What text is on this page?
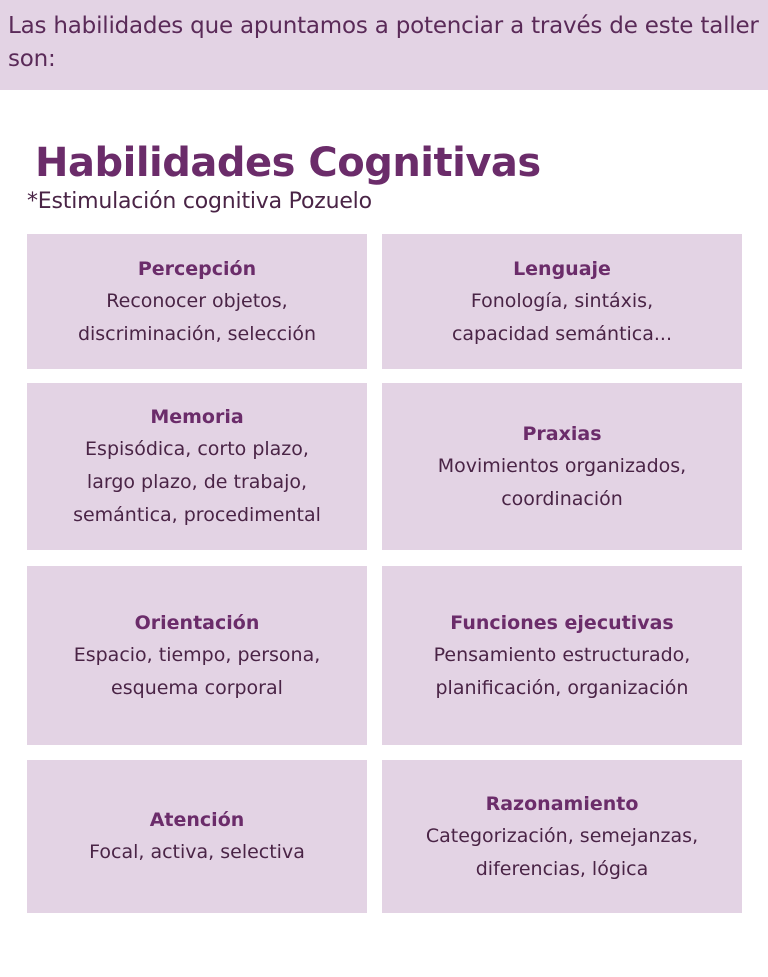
Las habilidades que apuntamos a potenciar a través de este taller son:
Habilidades Cognitivas
*Estimulación cognitiva Pozuelo
Percepción
Reconocer objetos,
discriminación, selección
Lenguaje
Fonología, sintáxis,
capacidad semántica...
Memoria
Espisódica, corto plazo,
largo plazo, de trabajo,
semántica, procedimental
Praxias
Movimientos organizados,
coordinación
Orientación
Espacio, tiempo, persona,
esquema corporal
Funciones ejecutivas
Pensamiento estructurado,
planificación, organización
Atención
Focal, activa, selectiva
Razonamiento
Categorización, semejanzas,
diferencias, lógica
